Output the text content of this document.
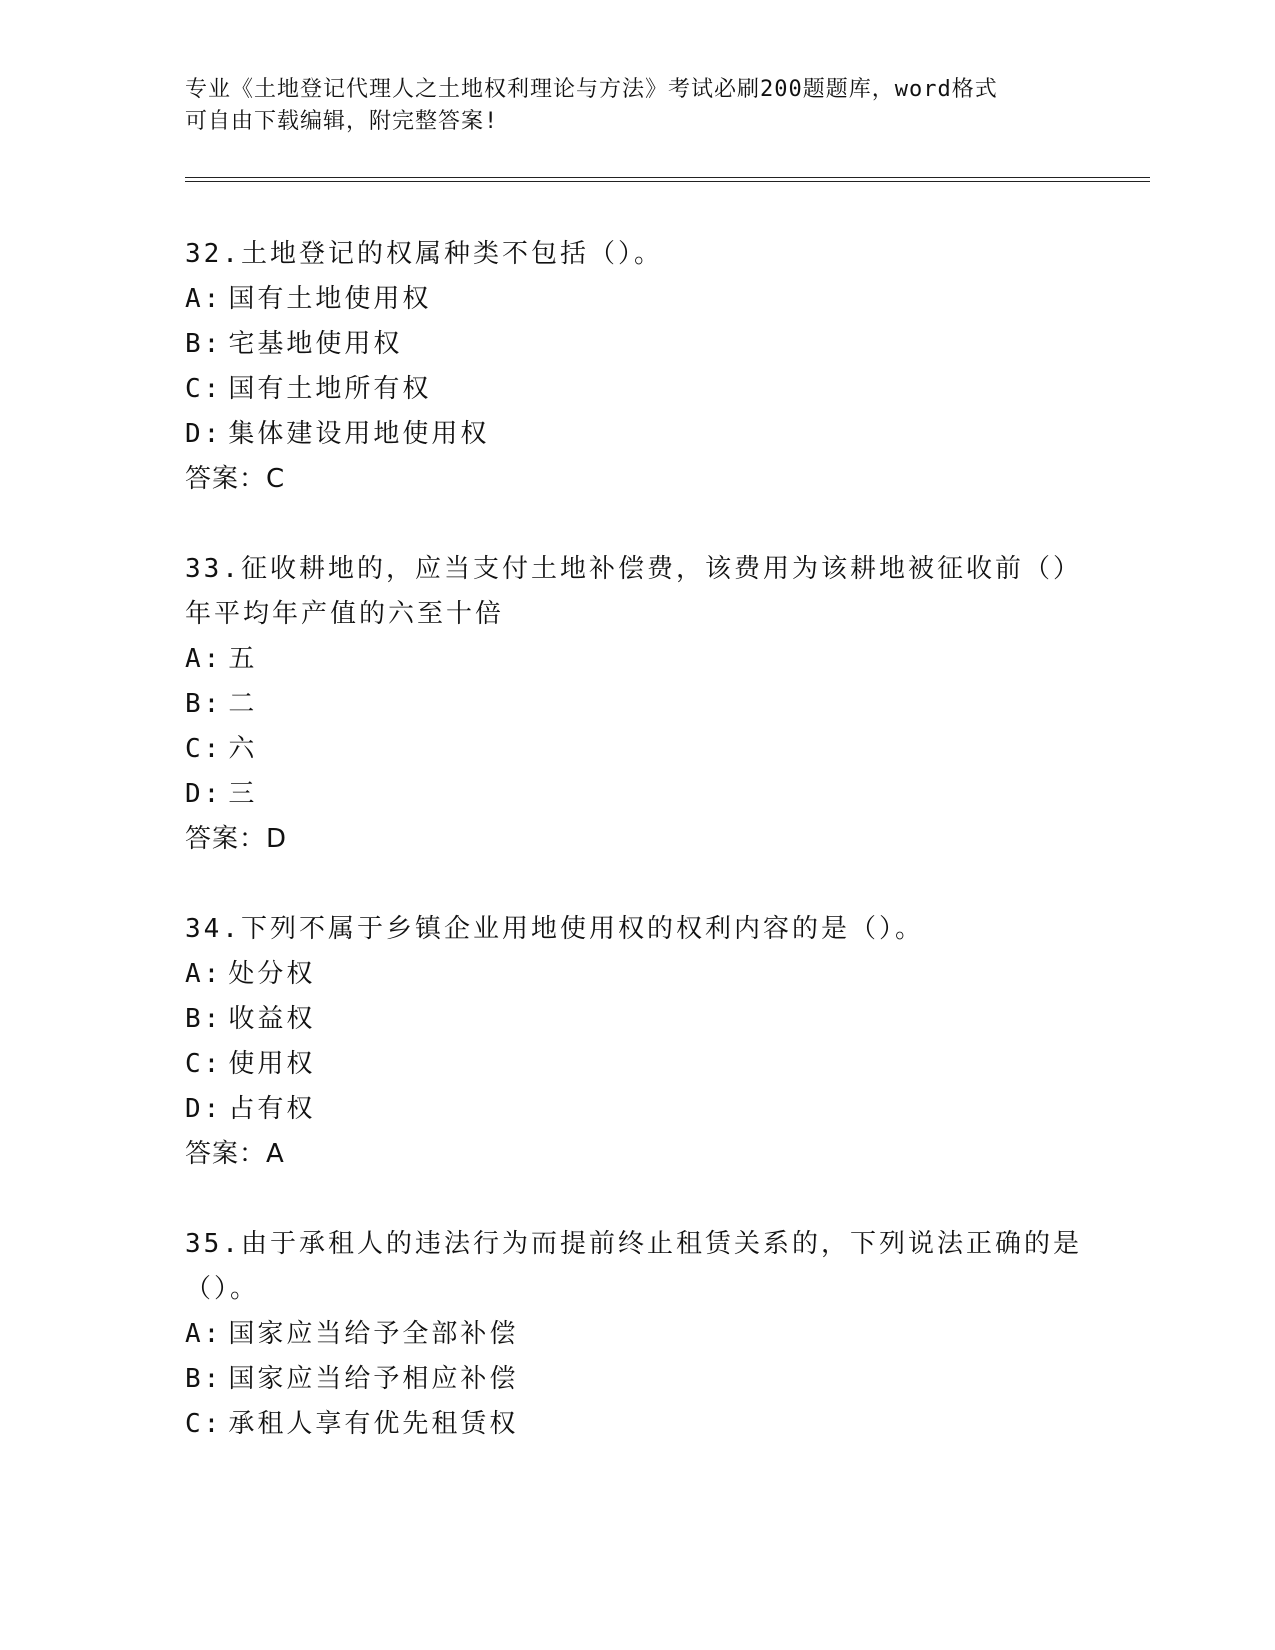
专业《土地登记代理人之土地权利理论与方法》考试必刷200题题库，word格式
可自由下载编辑，附完整答案!
32.土地登记的权属种类不包括（）。
A: 国有土地使用权
B: 宅基地使用权
C: 国有土地所有权
D: 集体建设用地使用权
答案：C
33.征收耕地的，应当支付土地补偿费，该费用为该耕地被征收前（）
年平均年产值的六至十倍
A: 五
B: 二
C: 六
D: 三
答案：D
34.下列不属于乡镇企业用地使用权的权利内容的是（）。
A: 处分权
B: 收益权
C: 使用权
D: 占有权
答案：A
35.由于承租人的违法行为而提前终止租赁关系的，下列说法正确的是
（）。
A: 国家应当给予全部补偿
B: 国家应当给予相应补偿
C: 承租人享有优先租赁权
